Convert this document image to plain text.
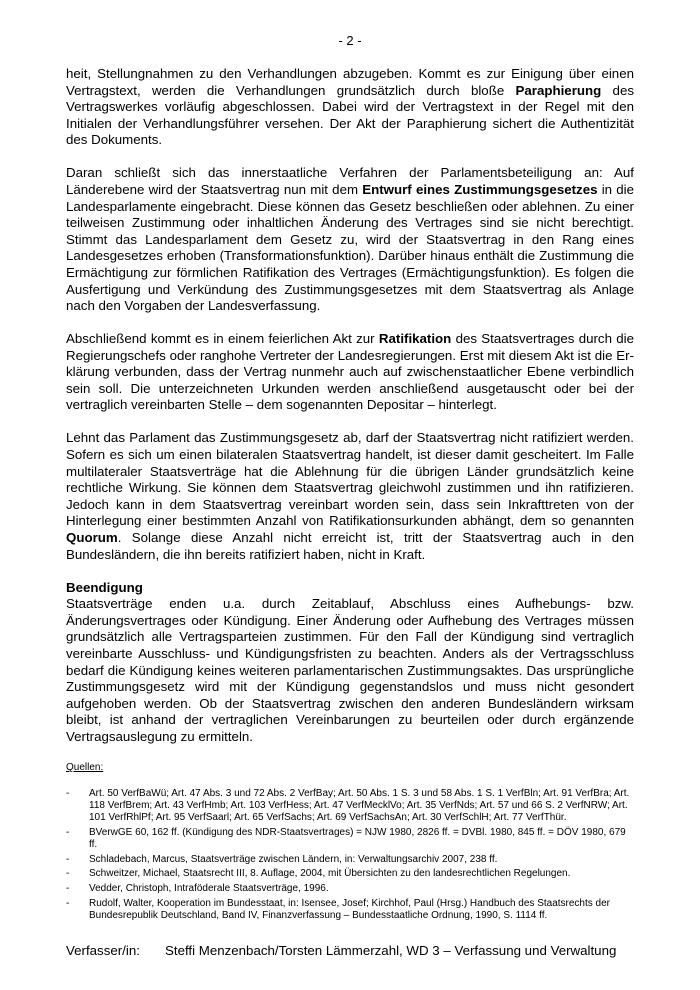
- 2 -

heit, Stellungnahmen zu den Verhandlungen abzugeben. Kommt es zur Einigung über einen Vertragstext, werden die Verhandlungen grundsätzlich durch bloße Paraphierung des Vertragswerkes vorläufig abgeschlossen. Dabei wird der Vertragstext in der Regel mit den Initialen der Verhandlungsführer versehen. Der Akt der Paraphierung sichert die Authentizität des Dokuments.

Daran schließt sich das innerstaatliche Verfahren der Parlamentsbeteiligung an: Auf Länderebene wird der Staatsvertrag nun mit dem Entwurf eines Zustimmungsgesetzes in die Landesparlamente eingebracht. Diese können das Gesetz beschließen oder ablehnen. Zu einer teilweisen Zustimmung oder inhaltlichen Änderung des Vertrages sind sie nicht berechtigt. Stimmt das Landesparlament dem Gesetz zu, wird der Staatsvertrag in den Rang eines Landesgesetzes erhoben (Transformationsfunktion). Darüber hinaus enthält die Zustimmung die Ermächtigung zur förmlichen Ratifikation des Vertrages (Ermächtigungsfunktion). Es folgen die Ausfertigung und Verkündung des Zustimmungsgesetzes mit dem Staatsvertrag als Anlage nach den Vorgaben der Landesverfassung.

Abschließend kommt es in einem feierlichen Akt zur Ratifikation des Staatsvertrages durch die Regierungschefs oder ranghohe Vertreter der Landesregierungen. Erst mit diesem Akt ist die Erklärung verbunden, dass der Vertrag nunmehr auch auf zwischenstaatlicher Ebene verbindlich sein soll. Die unterzeichneten Urkunden werden anschließend ausgetauscht oder bei der vertraglich vereinbarten Stelle – dem sogenannten Depositar – hinterlegt.

Lehnt das Parlament das Zustimmungsgesetz ab, darf der Staatsvertrag nicht ratifiziert werden. Sofern es sich um einen bilateralen Staatsvertrag handelt, ist dieser damit gescheitert. Im Falle multilateraler Staatsverträge hat die Ablehnung für die übrigen Länder grundsätzlich keine rechtliche Wirkung. Sie können dem Staatsvertrag gleichwohl zustimmen und ihn ratifizieren. Jedoch kann in dem Staatsvertrag vereinbart worden sein, dass sein Inkrafttreten von der Hinterlegung einer bestimmten Anzahl von Ratifikationsurkunden abhängt, dem so genannten Quorum. Solange diese Anzahl nicht erreicht ist, tritt der Staatsvertrag auch in den Bundesländern, die ihn bereits ratifiziert haben, nicht in Kraft.

Beendigung

Staatsverträge enden u.a. durch Zeitablauf, Abschluss eines Aufhebungs- bzw. Änderungsvertrages oder Kündigung. Einer Änderung oder Aufhebung des Vertrages müssen grundsätzlich alle Vertragsparteien zustimmen. Für den Fall der Kündigung sind vertraglich vereinbarte Ausschluss- und Kündigungsfristen zu beachten. Anders als der Vertragsschluss bedarf die Kündigung keines weiteren parlamentarischen Zustimmungsaktes. Das ursprüngliche Zustimmungsgesetz wird mit der Kündigung gegenstandslos und muss nicht gesondert aufgehoben werden. Ob der Staatsvertrag zwischen den anderen Bundesländern wirksam bleibt, ist anhand der vertraglichen Vereinbarungen zu beurteilen oder durch ergänzende Vertragsauslegung zu ermitteln.

Quellen:
- Art. 50 VerfBaWü; Art. 47 Abs. 3 und 72 Abs. 2 VerfBay; Art. 50 Abs. 1 S. 3 und 58 Abs. 1 S. 1 VerfBln; Art. 91 VerfBra; Art. 118 VerfBrem; Art. 43 VerfHmb; Art. 103 VerfHess; Art. 47 VerfMecklVo; Art. 35 VerfNds; Art. 57 und 66 S. 2 VerfNRW; Art. 101 VerfRhlPf; Art. 95 VerfSaarl; Art. 65 VerfSachs; Art. 69 VerfSachsAn; Art. 30 VerfSchlH; Art. 77 VerfThür.
- BVerwGE 60, 162 ff. (Kündigung des NDR-Staatsvertrages) = NJW 1980, 2826 ff. = DVBl. 1980, 845 ff. = DÖV 1980, 679 ff.
- Schladebach, Marcus, Staatsverträge zwischen Ländern, in: Verwaltungsarchiv 2007, 238 ff.
- Schweitzer, Michael, Staatsrecht III, 8. Auflage, 2004, mit Übersichten zu den landesrechtlichen Regelungen.
- Vedder, Christoph, Intraföderale Staatsverträge, 1996.
- Rudolf, Walter, Kooperation im Bundesstaat, in: Isensee, Josef; Kirchhof, Paul (Hrsg.) Handbuch des Staatsrechts der Bundesrepublik Deutschland, Band IV, Finanzverfassung – Bundesstaatliche Ordnung, 1990, S. 1114 ff.
Verfasser/in: Steffi Menzenbach/Torsten Lämmerzahl, WD 3 – Verfassung und Verwaltung
